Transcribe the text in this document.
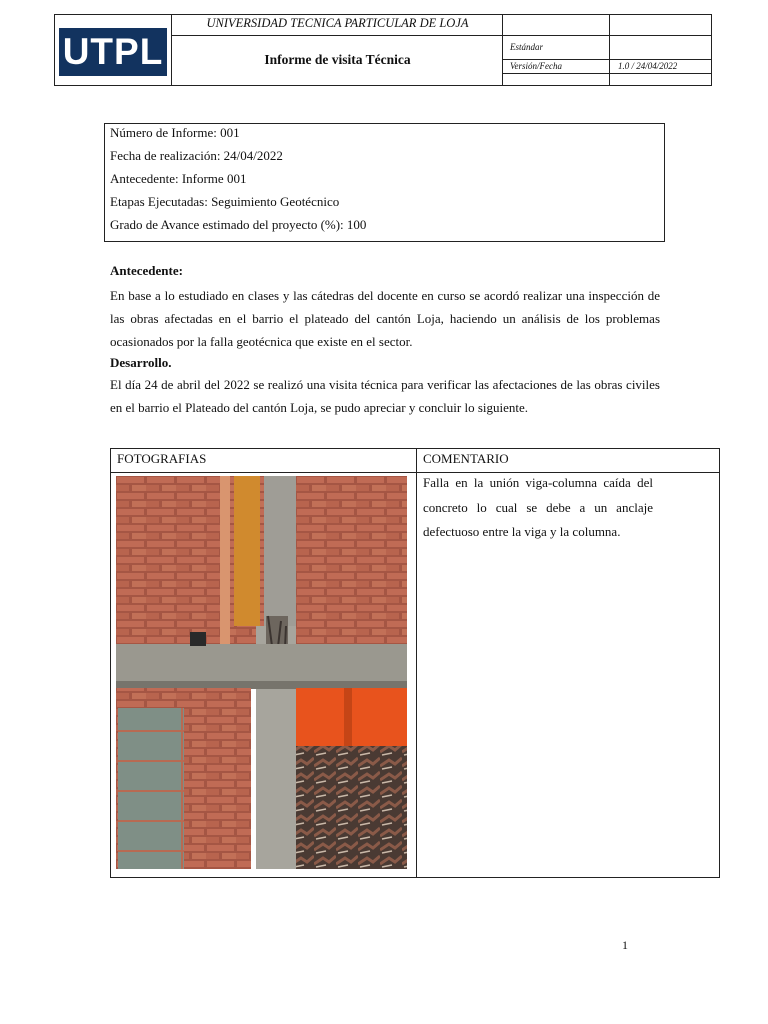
UTPL
UNIVERSIDAD TECNICA PARTICULAR DE LOJA
Informe de visita Técnica
Estándar
Versión/Fecha	1.0 / 24/04/2022
Número de Informe: 001
Fecha de realización: 24/04/2022
Antecedente: Informe 001
Etapas Ejecutadas: Seguimiento Geotécnico
Grado de Avance estimado del proyecto (%): 100
Antecedente:

En base a lo estudiado en clases y las cátedras del docente en curso se acordó realizar una inspección de las obras afectadas en el barrio el plateado del cantón Loja, haciendo un análisis de los problemas ocasionados por la falla geotécnica que existe en el sector.

Desarrollo.

El día 24 de abril del 2022 se realizó una visita técnica para verificar las afectaciones de las obras civiles en el barrio el Plateado del cantón Loja, se pudo apreciar y concluir lo siguiente.

FOTOGRAFIAS	COMENTARIO
Falla en la unión viga-columna caída del concreto lo cual se debe a un anclaje defectuoso entre la viga y la columna.
1
